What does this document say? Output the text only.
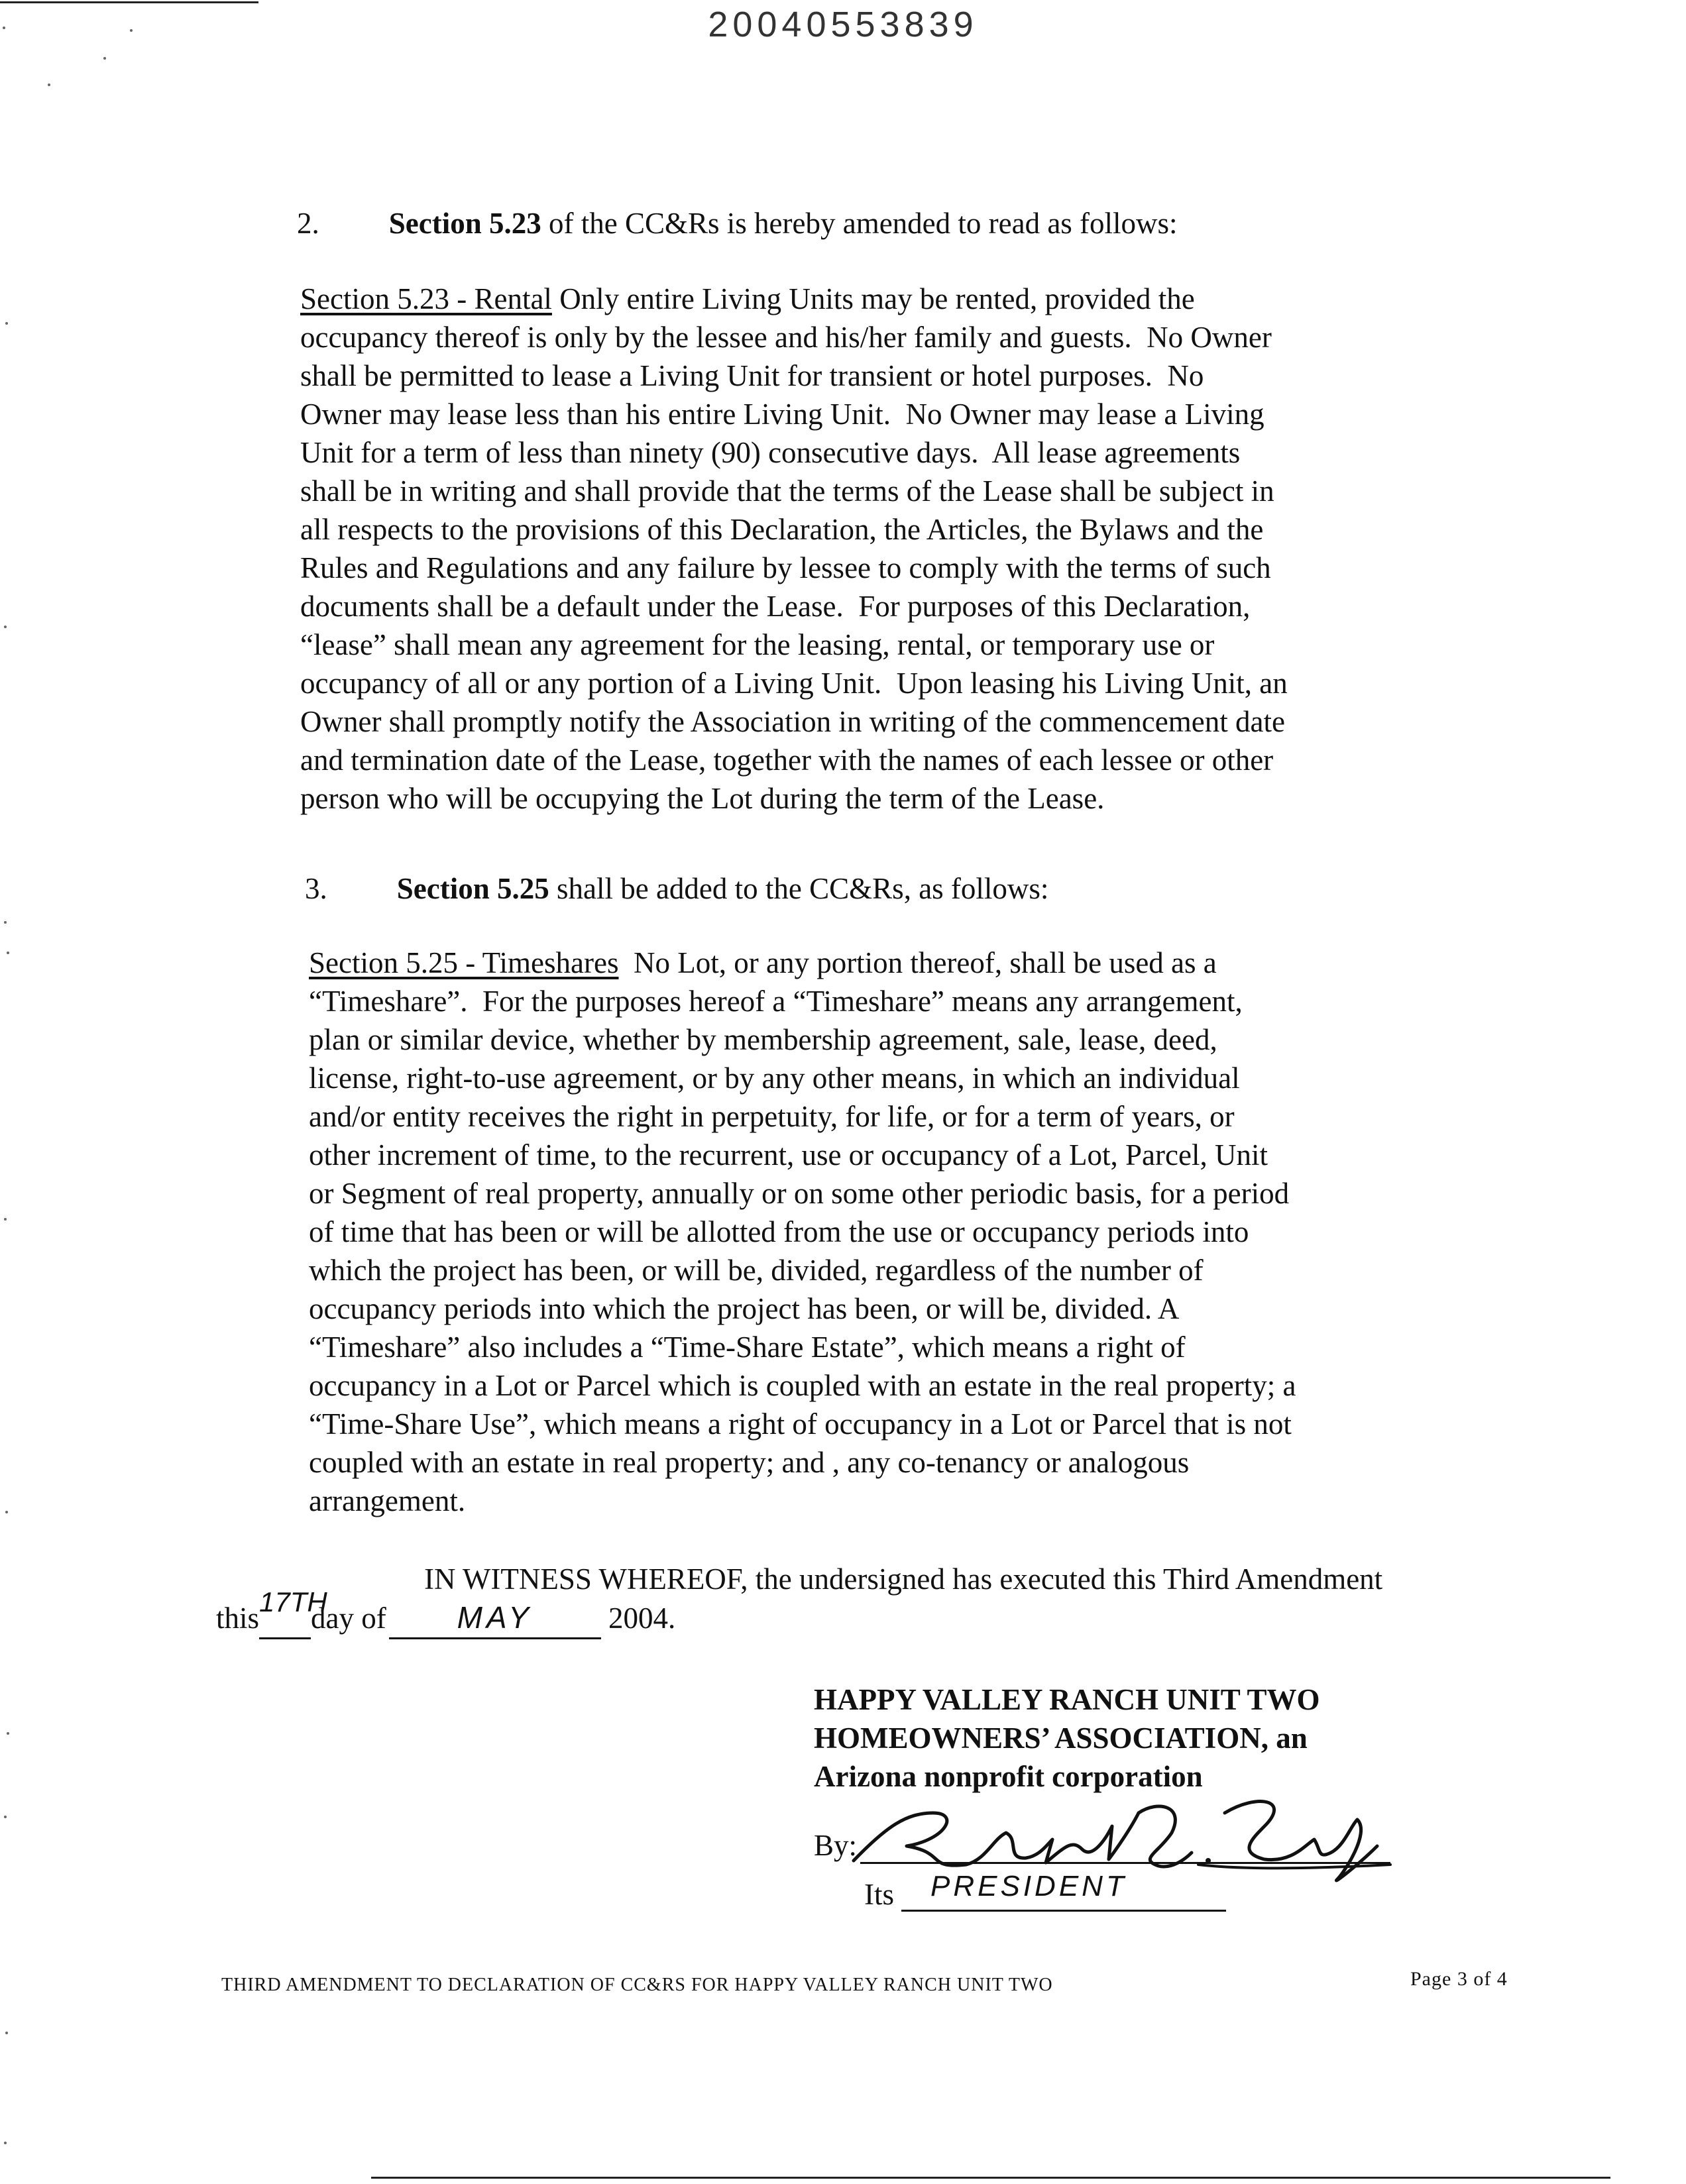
20040553839
2. Section 5.23 of the CC&Rs is hereby amended to read as follows:
Section 5.23 - Rental Only entire Living Units may be rented, provided the
occupancy thereof is only by the lessee and his/her family and guests.  No Owner
shall be permitted to lease a Living Unit for transient or hotel purposes.  No
Owner may lease less than his entire Living Unit.  No Owner may lease a Living
Unit for a term of less than ninety (90) consecutive days.  All lease agreements
shall be in writing and shall provide that the terms of the Lease shall be subject in
all respects to the provisions of this Declaration, the Articles, the Bylaws and the
Rules and Regulations and any failure by lessee to comply with the terms of such
documents shall be a default under the Lease.  For purposes of this Declaration,
“lease” shall mean any agreement for the leasing, rental, or temporary use or
occupancy of all or any portion of a Living Unit.  Upon leasing his Living Unit, an
Owner shall promptly notify the Association in writing of the commencement date
and termination date of the Lease, together with the names of each lessee or other
person who will be occupying the Lot during the term of the Lease.
3. Section 5.25 shall be added to the CC&Rs, as follows:
Section 5.25 - Timeshares  No Lot, or any portion thereof, shall be used as a
“Timeshare”.  For the purposes hereof a “Timeshare” means any arrangement,
plan or similar device, whether by membership agreement, sale, lease, deed,
license, right-to-use agreement, or by any other means, in which an individual
and/or entity receives the right in perpetuity, for life, or for a term of years, or
other increment of time, to the recurrent, use or occupancy of a Lot, Parcel, Unit
or Segment of real property, annually or on some other periodic basis, for a period
of time that has been or will be allotted from the use or occupancy periods into
which the project has been, or will be, divided, regardless of the number of
occupancy periods into which the project has been, or will be, divided. A
“Timeshare” also includes a “Time-Share Estate”, which means a right of
occupancy in a Lot or Parcel which is coupled with an estate in the real property; a
“Time-Share Use”, which means a right of occupancy in a Lot or Parcel that is not
coupled with an estate in real property; and , any co-tenancy or analogous
arrangement.
IN WITNESS WHEREOF, the undersigned has executed this Third Amendment
this 17TH
day of MAY	2004.
HAPPY VALLEY RANCH UNIT TWO
HOMEOWNERS’ ASSOCIATION, an
Arizona nonprofit corporation
By:
Its PRESIDENT
THIRD AMENDMENT TO DECLARATION OF CC&RS FOR HAPPY VALLEY RANCH UNIT TWO	Page 3 of 4
